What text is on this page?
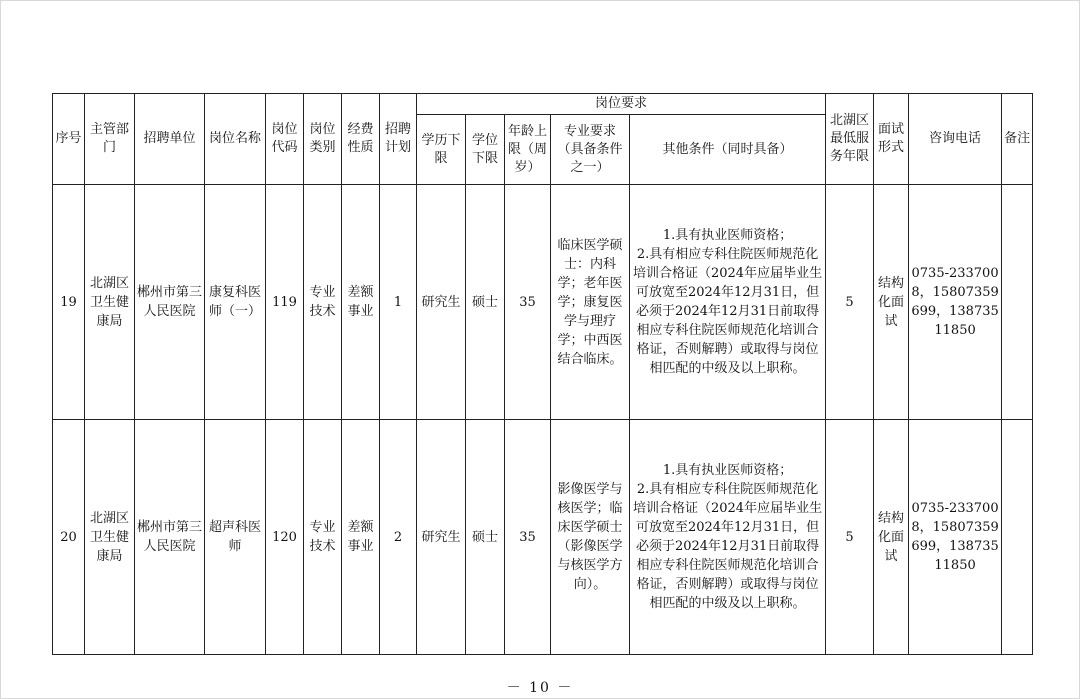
序号	主管部门	招聘单位	岗位名称	岗位代码	岗位类别	经费性质	招聘计划	岗位要求					北湖区最低服务年限	面试形式	咨询电话	备注
								学历下限	学位下限	年龄上限（周岁）	专业要求（具备条件之一）	其他条件（同时具备）				
19	北湖区卫生健康局	郴州市第三人民医院	康复科医师（一）	119	专业技术	差额事业	1	研究生	硕士	35	临床医学硕士：内科学；老年医学；康复医学与理疗学；中西医结合临床。	1.具有执业医师资格；
2.具有相应专科住院医师规范化培训合格证（2024年应届毕业生可放宽至2024年12月31日，但必须于2024年12月31日前取得相应专科住院医师规范化培训合格证，否则解聘）或取得与岗位相匹配的中级及以上职称。	5	结构化面试	0735-2337008，15807359699，13873511850	
20	北湖区卫生健康局	郴州市第三人民医院	超声科医师	120	专业技术	差额事业	2	研究生	硕士	35	影像医学与核医学；临床医学硕士（影像医学与核医学方向）。	1.具有执业医师资格；
2.具有相应专科住院医师规范化培训合格证（2024年应届毕业生可放宽至2024年12月31日，但必须于2024年12月31日前取得相应专科住院医师规范化培训合格证，否则解聘）或取得与岗位相匹配的中级及以上职称。	5	结构化面试	0735-2337008，15807359699，13873511850	
－ 10 －
